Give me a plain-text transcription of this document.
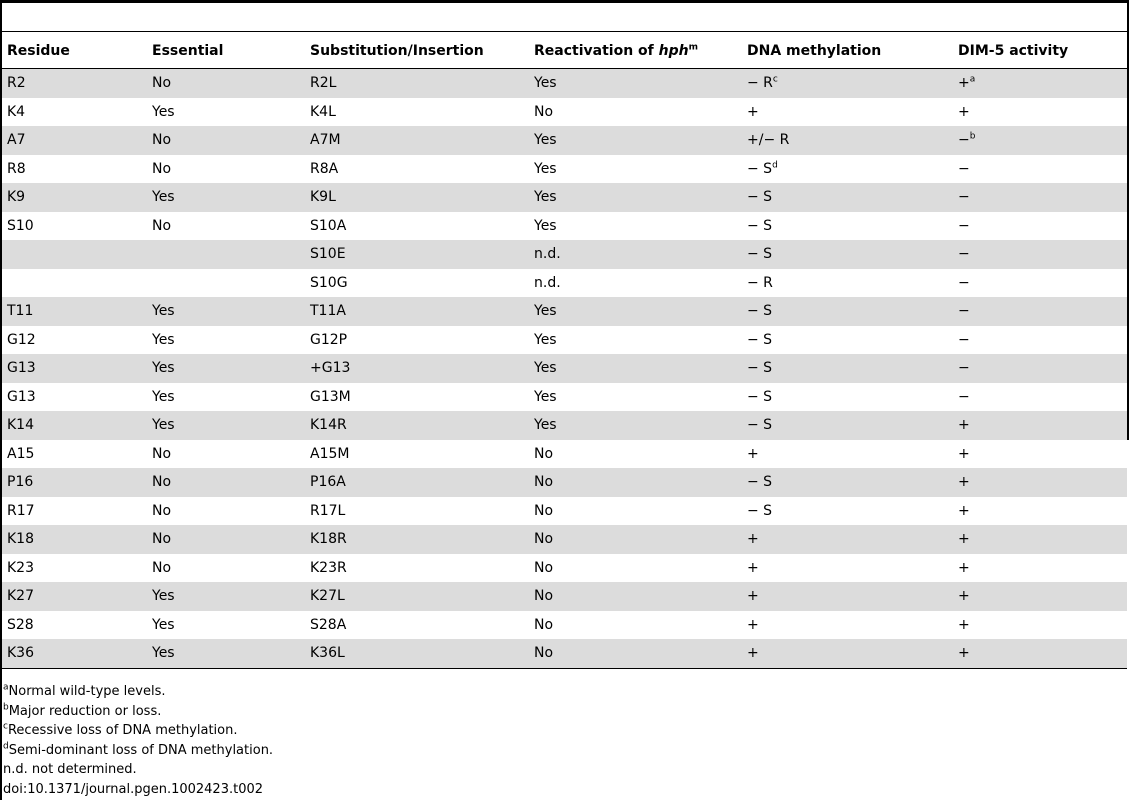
Residue	Essential	Substitution/Insertion	Reactivation of hph$^m$	DNA methylation	DIM-5 activity
R2	No	R2L	Yes	− $R^c$	+$^a$
K4	Yes	K4L	No	+	+
A7	No	A7M	Yes	+/− R	−$^b$
R8	No	R8A	Yes	− $S^d$	−
K9	Yes	K9L	Yes	− S	−
S10	No	S10A	Yes	− S	−
		S10E	n.d.	− S	−
		S10G	n.d.	− R	−
T11	Yes	T11A	Yes	− S	−
G12	Yes	G12P	Yes	− S	−
G13	Yes	+G13	Yes	− S	−
G13	Yes	G13M	Yes	− S	−
K14	Yes	K14R	Yes	− S	+
A15	No	A15M	No	+	+
P16	No	P16A	No	− S	+
R17	No	R17L	No	− S	+
K18	No	K18R	No	+	+
K23	No	K23R	No	+	+
K27	Yes	K27L	No	+	+
S28	Yes	S28A	No	+	+
K36	Yes	K36L	No	+	+
$^a$Normal wild-type levels.
$^b$Major reduction or loss.
$^c$Recessive loss of DNA methylation.
$^d$Semi-dominant loss of DNA methylation.
n.d. not determined.
doi:10.1371/journal.pgen.1002423.t002
